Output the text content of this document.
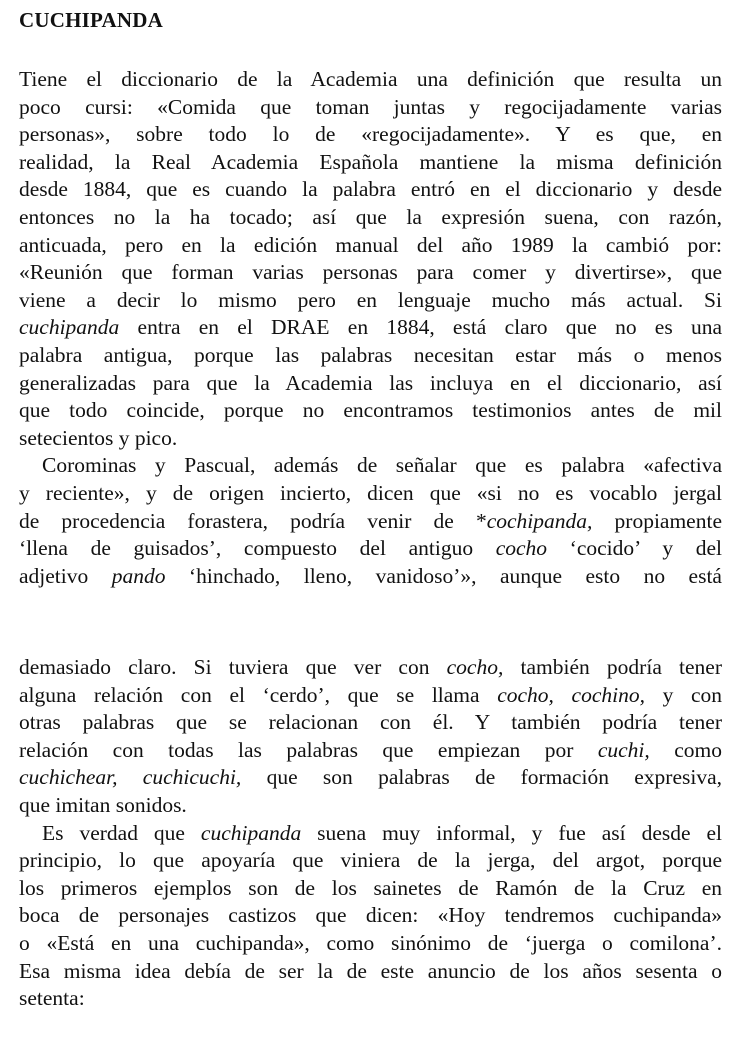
CUCHIPANDA
Tiene el diccionario de la Academia una definición que resulta un
poco cursi: «Comida que toman juntas y regocijadamente varias
personas», sobre todo lo de «regocijadamente». Y es que, en
realidad, la Real Academia Española mantiene la misma definición
desde 1884, que es cuando la palabra entró en el diccionario y desde
entonces no la ha tocado; así que la expresión suena, con razón,
anticuada, pero en la edición manual del año 1989 la cambió por:
«Reunión que forman varias personas para comer y divertirse», que
viene a decir lo mismo pero en lenguaje mucho más actual. Si
cuchipanda entra en el DRAE en 1884, está claro que no es una
palabra antigua, porque las palabras necesitan estar más o menos
generalizadas para que la Academia las incluya en el diccionario, así
que todo coincide, porque no encontramos testimonios antes de mil
setecientos y pico.
Corominas y Pascual, además de señalar que es palabra «afectiva
y reciente», y de origen incierto, dicen que «si no es vocablo jergal
de procedencia forastera, podría venir de *cochipanda, propiamente
‘llena de guisados’, compuesto del antiguo cocho ‘cocido’ y del
adjetivo pando ‘hinchado, lleno, vanidoso’», aunque esto no está
demasiado claro. Si tuviera que ver con cocho, también podría tener
alguna relación con el ‘cerdo’, que se llama cocho, cochino, y con
otras palabras que se relacionan con él. Y también podría tener
relación con todas las palabras que empiezan por cuchi, como
cuchichear, cuchicuchi, que son palabras de formación expresiva,
que imitan sonidos.
Es verdad que cuchipanda suena muy informal, y fue así desde el
principio, lo que apoyaría que viniera de la jerga, del argot, porque
los primeros ejemplos son de los sainetes de Ramón de la Cruz en
boca de personajes castizos que dicen: «Hoy tendremos cuchipanda»
o «Está en una cuchipanda», como sinónimo de ‘juerga o comilona’.
Esa misma idea debía de ser la de este anuncio de los años sesenta o
setenta:
